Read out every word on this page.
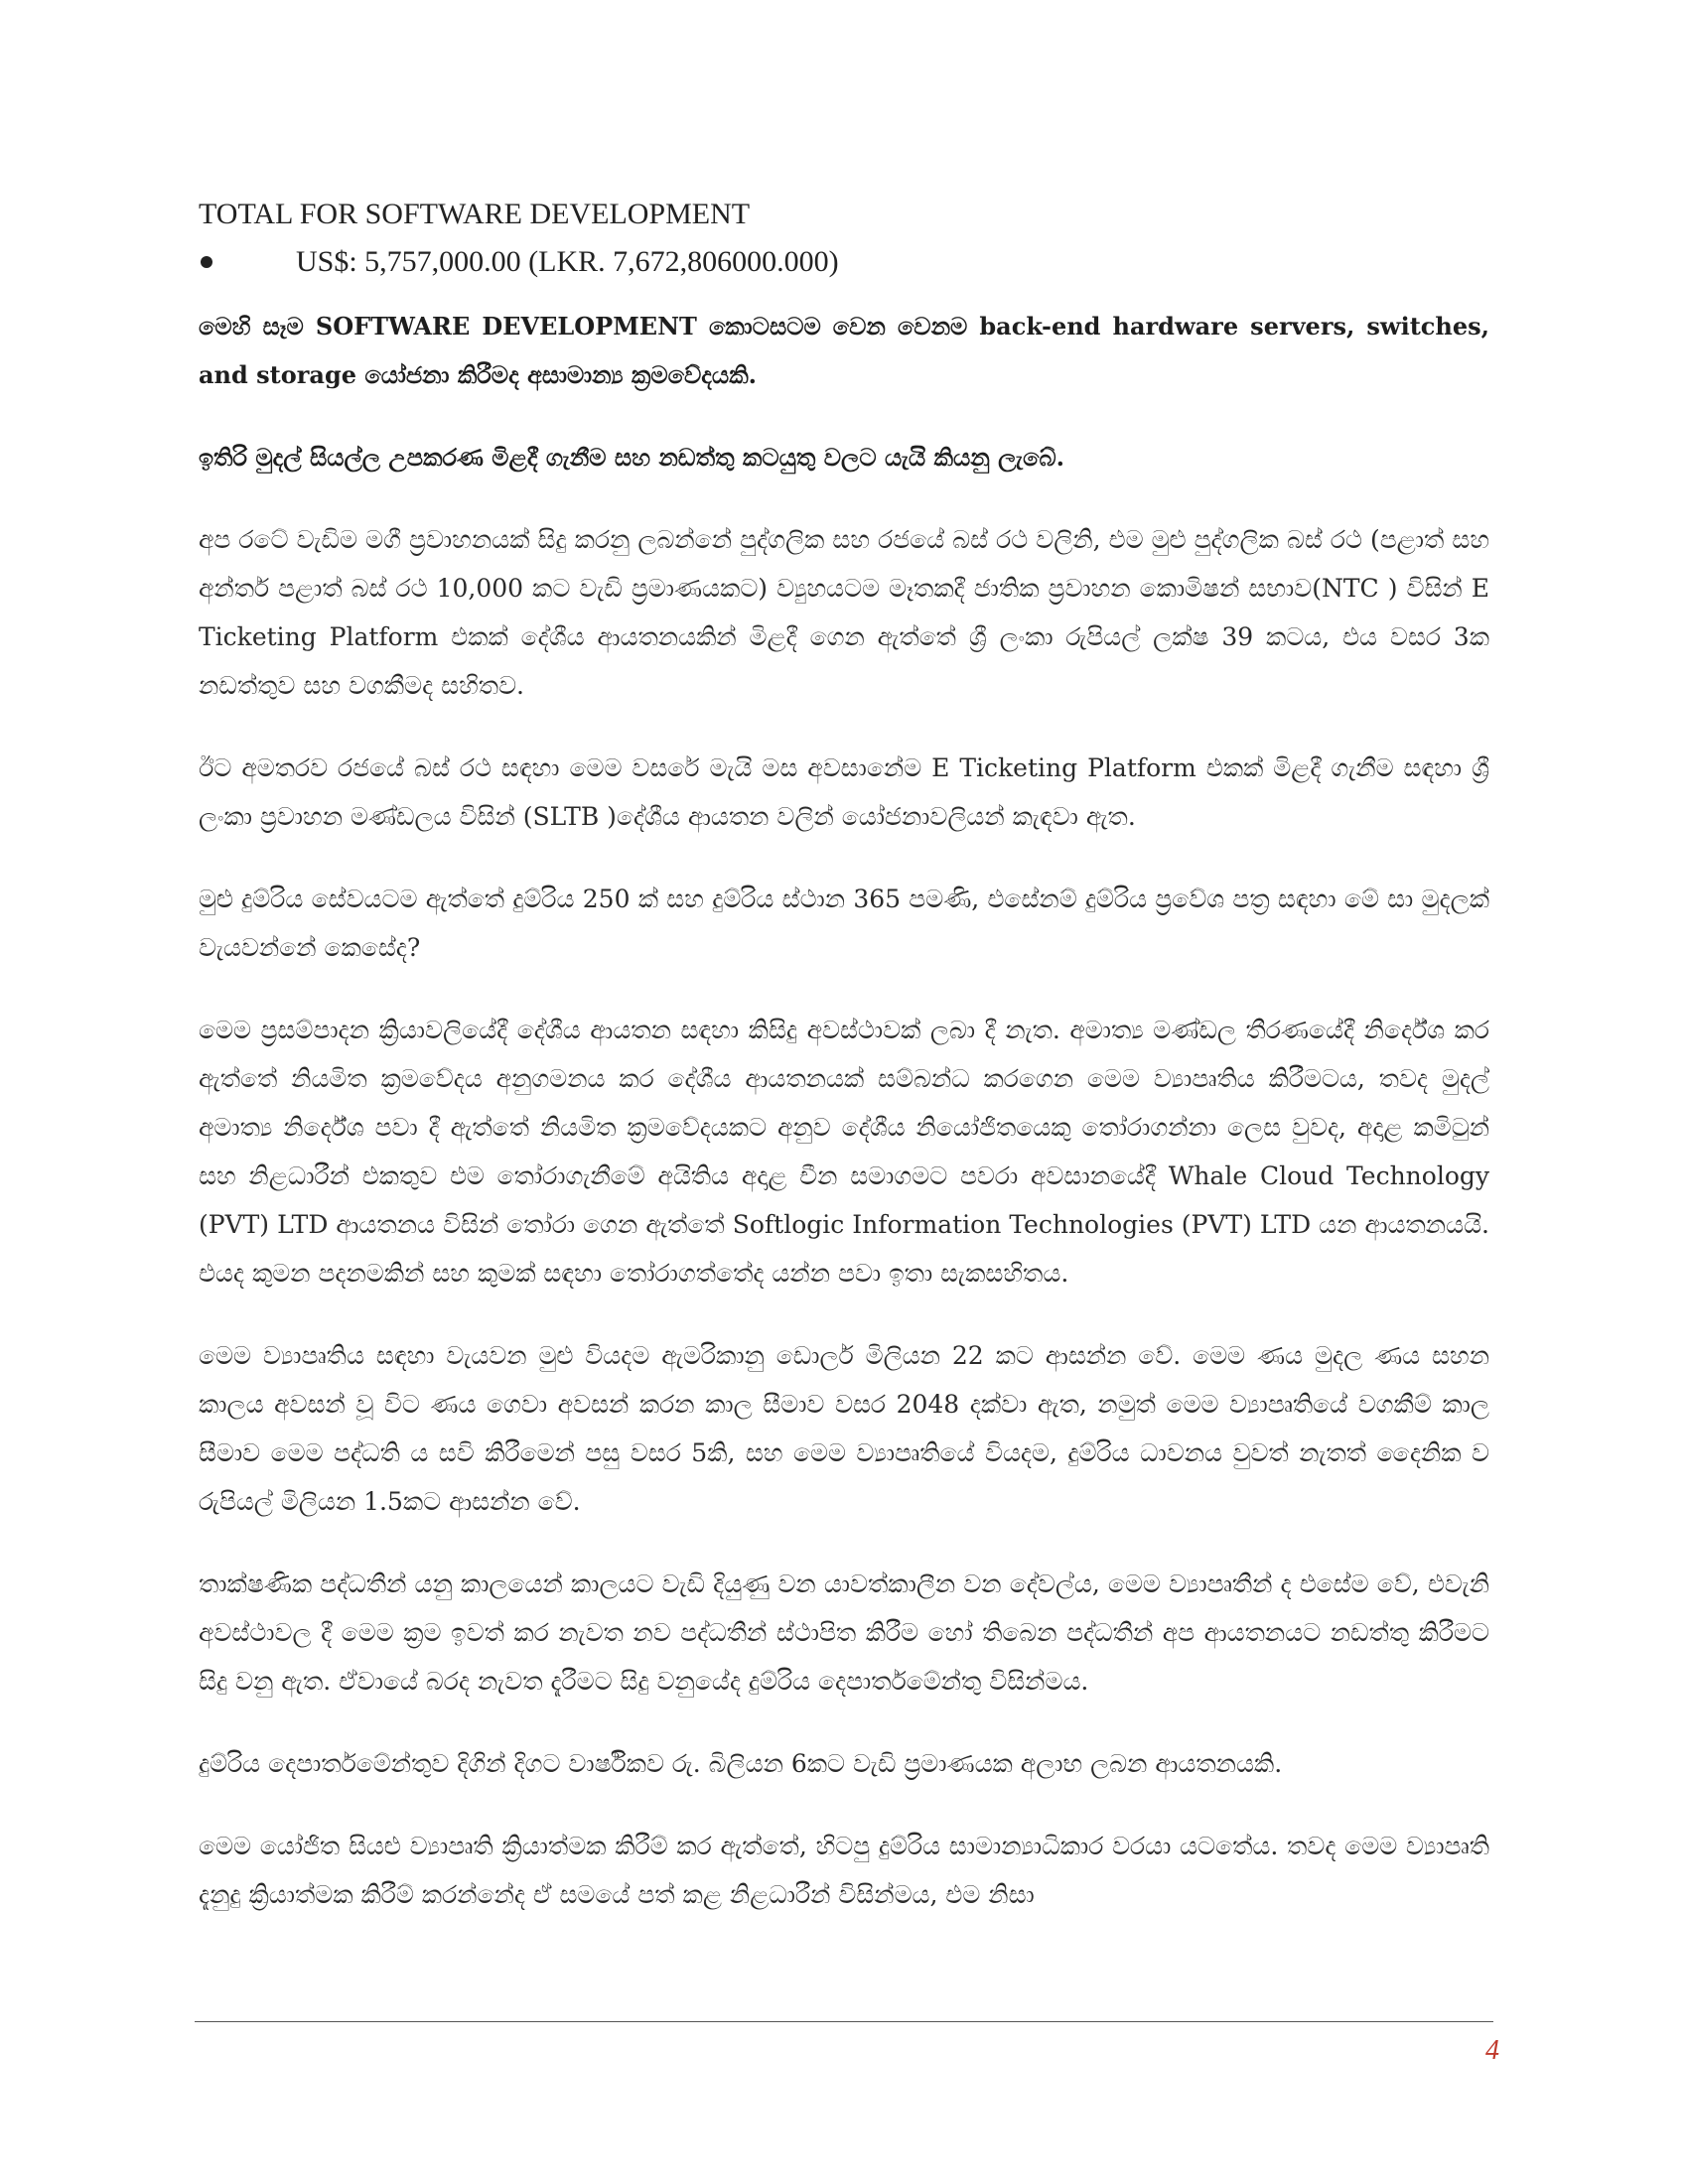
TOTAL FOR SOFTWARE DEVELOPMENT
US$: 5,757,000.00 (LKR. 7,672,806000.000)

මෙහි සෑම SOFTWARE DEVELOPMENT කොටසටම වෙන වෙනම back-end hardware servers, switches, and storage යෝජනා කිරීමද අසාමාන්‍ය ක්‍රමවේදයකි.

ඉතිරි මුදල් සියල්ල උපකරණ මිළදී ගැනීම සහ නඩත්තු කටයුතු වලට යැයි කියනු ලැබේ.

අප රටේ වැඩිම මගී ප්‍රවාහනයක් සිදු කරනු ලබන්නේ පුද්ගලික සහ රජයේ බස් රථ වලිනි, එම මුළු පුද්ගලික බස් රථ (පළාත් සහ අන්තර් පළාත් බස් රථ 10,000 කට වැඩි ප්‍රමාණයකට) ව්‍යුහයටම මෑතකදී ජාතික ප්‍රවාහන කොමිෂන් සභාව(NTC ) විසින් E Ticketing Platform එකක් දේශීය ආයතනයකින් මිළදී ගෙන ඇත්තේ ශ්‍රී ලංකා රුපියල් ලක්ෂ 39 කටය, එය වසර 3ක නඩත්තුව සහ වගකීමද සහිතව.

ඊට අමතරව රජයේ බස් රථ සඳහා මෙම වසරේ මැයි මස අවසානේම E Ticketing Platform එකක් මිළදී ගැනීම සඳහා ශ්‍රී ලංකා ප්‍රවාහන මණ්ඩලය විසින් (SLTB )දේශීය ආයතන වලින් යෝජනාවලියන් කැඳවා ඇත.

මුළු දුම්රිය සේවයටම ඇත්තේ දුම්රිය 250 ක් සහ දුම්රිය ස්ථාන 365 පමණි, එසේනම් දුම්රිය ප්‍රවේශ පත්‍ර සඳහා මේ සා මුදලක් වැයවන්නේ කෙසේද?

මෙම ප්‍රසම්පාදන ක්‍රියාවලියේදී දේශීය ආයතන සඳහා කිසිදු අවස්ථාවක් ලබා දී නැත. අමාත්‍ය මණ්ඩල තීරණයේදී නිර්දේශ කර ඇත්තේ නියමිත ක්‍රමවේදය අනුගමනය කර දේශීය ආයතනයක් සම්බන්ධ කරගෙන මෙම ව්‍යාපෘතිය කිරීමටය, තවද මුදල් අමාත්‍ය නිර්දේශ පවා දී ඇත්තේ නියමිත ක්‍රමවේදයකට අනුව දේශීය නියෝජිතයෙකු තෝරාගන්නා ලෙස වුවද, අදාළ කමිටුන් සහ නිළධාරීන් එකතුව එම තෝරාගැනීමේ අයිතිය අදාළ චීන සමාගමට පවරා අවසානයේදී Whale Cloud Technology (PVT) LTD ආයතනය විසින් තෝරා ගෙන ඇත්තේ Softlogic Information Technologies (PVT) LTD යන ආයතනයයි. එයද කුමන පදනමකින් සහ කුමක් සඳහා තෝරාගත්තේද යන්න පවා ඉතා සැකසහිතය.

මෙම ව්‍යාපෘතිය සඳහා වැයවන මුළු වියදම ඇමරිකානු ඩොලර් මිලියන 22 කට ආසන්න වේ. මෙම ණය මුදල ණය සහන කාලය අවසන් වූ විට ණය ගෙවා අවසන් කරන කාල සීමාව වසර 2048 දක්වා ඇත, නමුත් මෙම ව්‍යාපෘතියේ වගකීම් කාල සීමාව මෙම පද්ධති ය සවි කිරීමෙන් පසු වසර 5කි, සහ මෙම ව්‍යාපෘතියේ වියදම, දුම්රිය ධාවනය වුවත් නැතත් දෛනික ව රුපියල් මිලියන 1.5කට ආසන්න වේ.

තාක්ෂණික පද්ධතීන් යනු කාලයෙන් කාලයට වැඩි දියුණු වන යාවත්කාලීන වන දේවල්ය, මෙම ව්‍යාපෘතීන් ද එසේම වේ, එවැනි අවස්ථාවල දී මෙම ක්‍රම ඉවත් කර නැවත නව පද්ධතීන් ස්ථාපිත කිරීම හෝ තිබෙන පද්ධතීන් අප ආයතනයට නඩත්තු කිරීමට සිදු වනු ඇත. ඒවායේ බරද නැවත දැරීමට සිදු වනුයේද දුම්රිය දෙපාර්තමේන්තු විසින්මය.

දුම්රිය දෙපාර්තමේන්තුව දිගින් දිගට වාර්ෂිකව රු. බිලියන 6කට වැඩි ප්‍රමාණයක අලාභ ලබන ආයතනයකි.

මෙම යෝජිත සියළු ව්‍යාපෘති ක්‍රියාත්මක කිරීම් කර ඇත්තේ, හිටපු දුම්රිය සාමාන්‍යාධිකාර වරයා යටතේය. තවද මෙම ව්‍යාපෘති දැනුදු ක්‍රියාත්මක කිරීම් කරන්නේද ඒ සමයේ පත් කළ නිළධාරීන් විසින්මය, එම නිසා

4
